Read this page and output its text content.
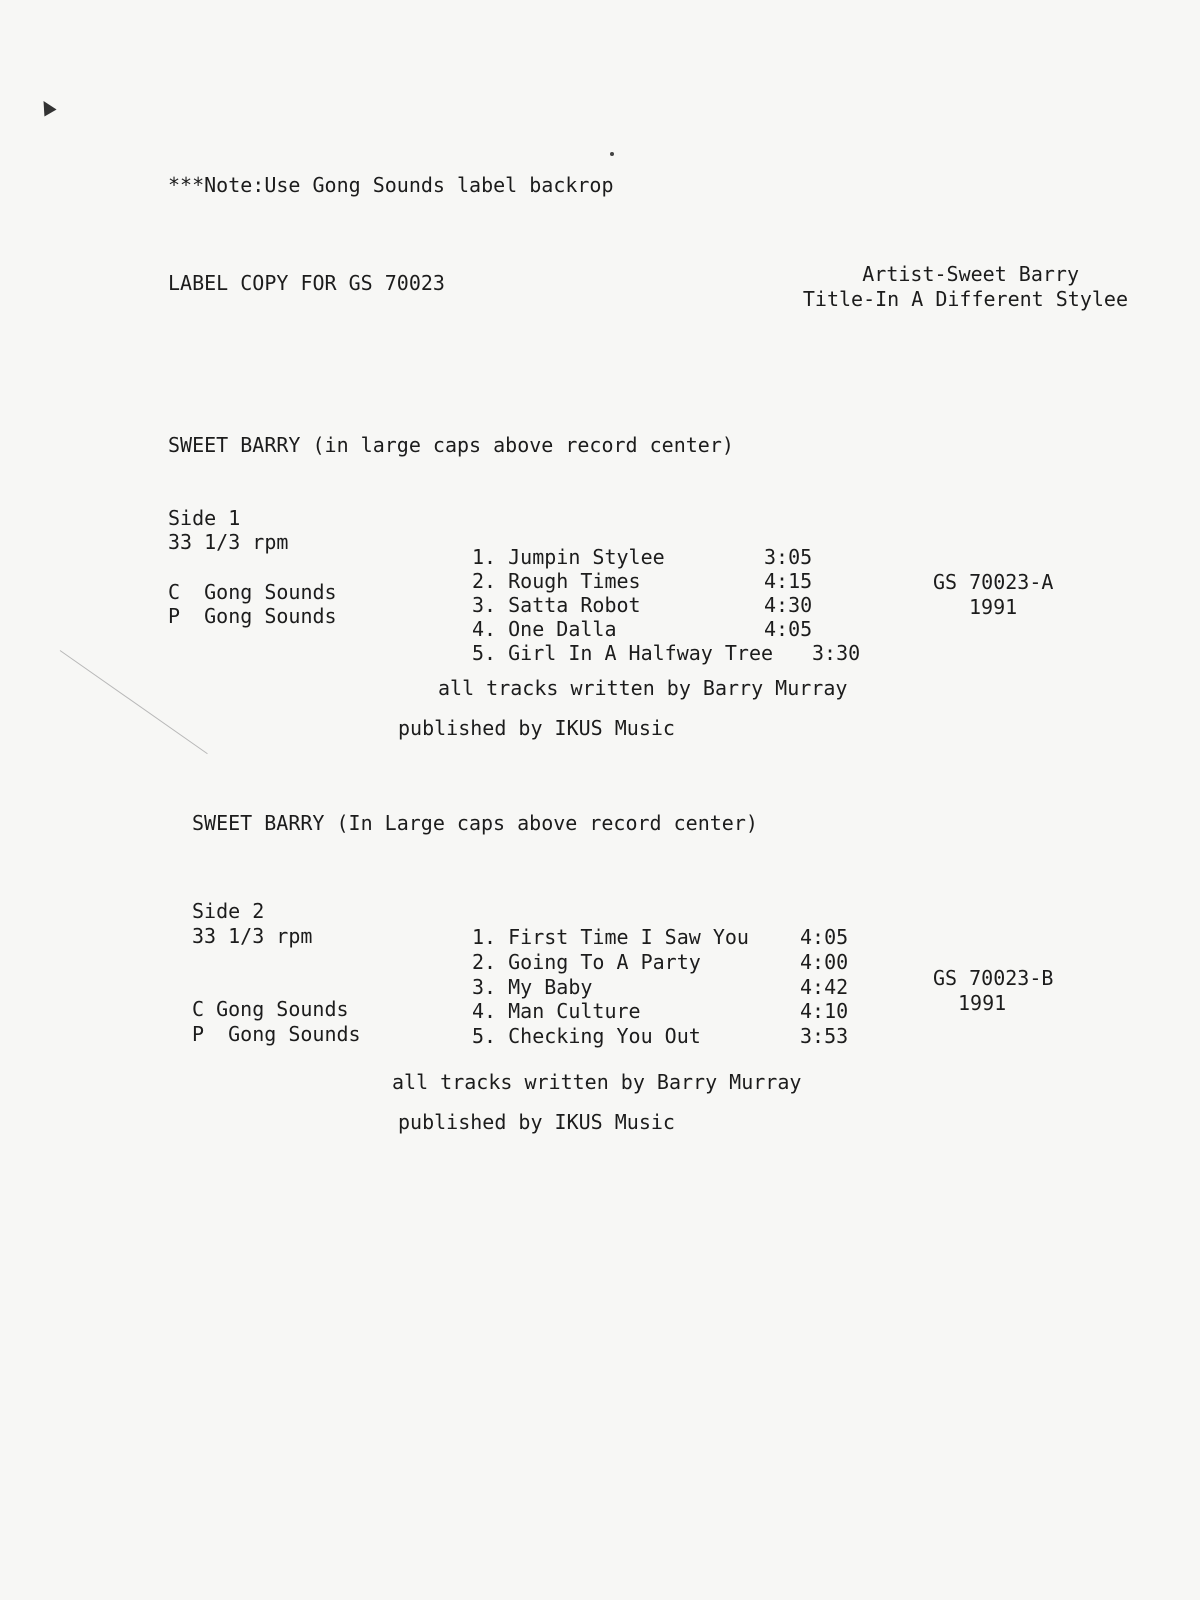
***Note:Use Gong Sounds label backrop

LABEL COPY FOR GS 70023	Artist-Sweet Barry

Title-In A Different Stylee

SWEET BARRY (in large caps above record center)

Side 1

33 1/3 rpm

C  Gong Sounds

P  Gong Sounds

1. Jumpin Stylee	3:05

2. Rough Times	4:15

3. Satta Robot	4:30

4. One Dalla	4:05

5. Girl In A Halfway Tree 3:30

GS 70023-A

1991

all tracks written by Barry Murray

published by IKUS Music

SWEET BARRY (In Large caps above record center)

Side 2

33 1/3 rpm

C Gong Sounds

P  Gong Sounds

1. First Time I Saw You	4:05

2. Going To A Party	4:00

3. My Baby	4:42

4. Man Culture	4:10

5. Checking You Out	3:53

GS 70023-B

1991

all tracks written by Barry Murray

published by IKUS Music
